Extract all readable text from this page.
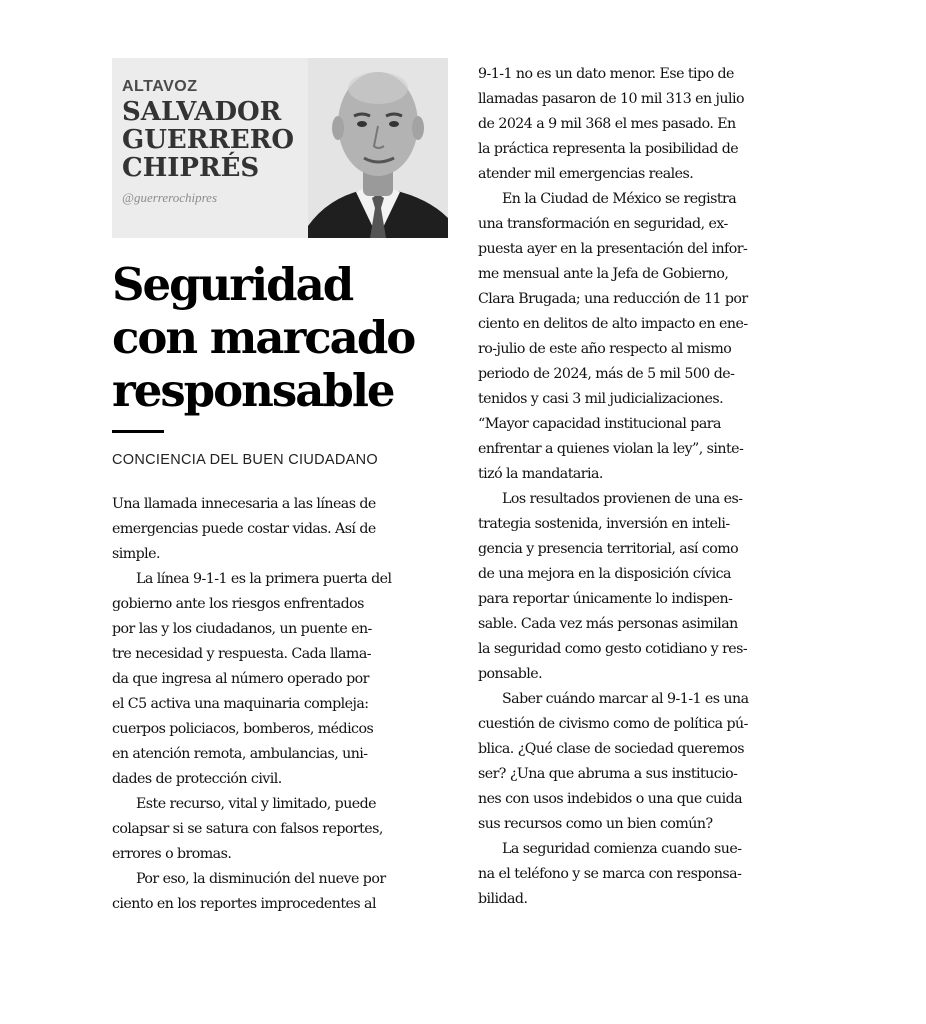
ALTAVOZ
SALVADOR
GUERRERO
CHIPRÉS
@guerrerochipres
Seguridad
con marcado
responsable
CONCIENCIA DEL BUEN CIUDADANO
Una llamada innecesaria a las líneas de
emergencias puede costar vidas. Así de
simple.
La línea 9-1-1 es la primera puerta del
gobierno ante los riesgos enfrentados
por las y los ciudadanos, un puente en-
tre necesidad y respuesta. Cada llama-
da que ingresa al número operado por
el C5 activa una maquinaria compleja:
cuerpos policiacos, bomberos, médicos
en atención remota, ambulancias, uni-
dades de protección civil.
Este recurso, vital y limitado, puede
colapsar si se satura con falsos reportes,
errores o bromas.
Por eso, la disminución del nueve por
ciento en los reportes improcedentes al
9-1-1 no es un dato menor. Ese tipo de
llamadas pasaron de 10 mil 313 en julio
de 2024 a 9 mil 368 el mes pasado. En
la práctica representa la posibilidad de
atender mil emergencias reales.
En la Ciudad de México se registra
una transformación en seguridad, ex-
puesta ayer en la presentación del infor-
me mensual ante la Jefa de Gobierno,
Clara Brugada; una reducción de 11 por
ciento en delitos de alto impacto en ene-
ro-julio de este año respecto al mismo
periodo de 2024, más de 5 mil 500 de-
tenidos y casi 3 mil judicializaciones.
“Mayor capacidad institucional para
enfrentar a quienes violan la ley”, sinte-
tizó la mandataria.
Los resultados provienen de una es-
trategia sostenida, inversión en inteli-
gencia y presencia territorial, así como
de una mejora en la disposición cívica
para reportar únicamente lo indispen-
sable. Cada vez más personas asimilan
la seguridad como gesto cotidiano y res-
ponsable.
Saber cuándo marcar al 9-1-1 es una
cuestión de civismo como de política pú-
blica. ¿Qué clase de sociedad queremos
ser? ¿Una que abruma a sus institucio-
nes con usos indebidos o una que cuida
sus recursos como un bien común?
La seguridad comienza cuando sue-
na el teléfono y se marca con responsa-
bilidad.
